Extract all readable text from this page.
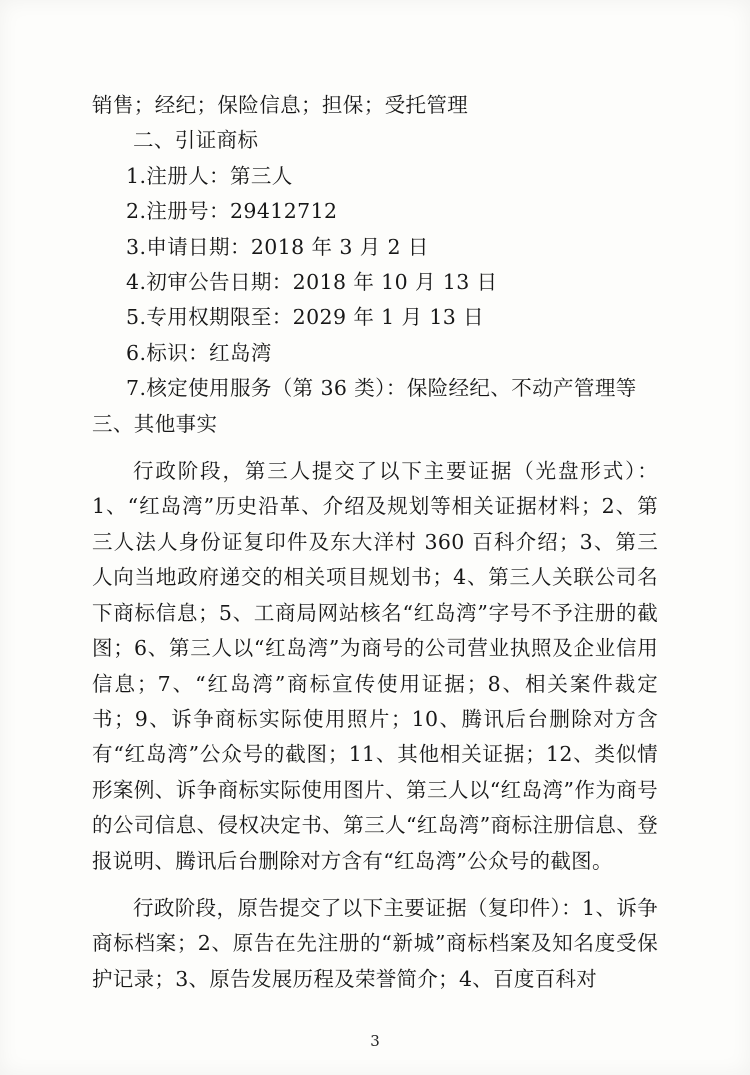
销售；经纪；保险信息；担保；受托管理
二、引证商标
1.注册人：第三人
2.注册号：29412712
3.申请日期：2018 年 3 月 2 日
4.初审公告日期：2018 年 10 月 13 日
5.专用权期限至：2029 年 1 月 13 日
6.标识：红岛湾
7.核定使用服务（第 36 类）：保险经纪、不动产管理等
三、其他事实
行政阶段，第三人提交了以下主要证据（光盘形式）：1、“红岛湾”历史沿革、介绍及规划等相关证据材料；2、第三人法人身份证复印件及东大洋村 360 百科介绍；3、第三人向当地政府递交的相关项目规划书；4、第三人关联公司名下商标信息；5、工商局网站核名“红岛湾”字号不予注册的截图；6、第三人以“红岛湾”为商号的公司营业执照及企业信用信息；7、“红岛湾”商标宣传使用证据；8、相关案件裁定书；9、诉争商标实际使用照片；10、腾讯后台删除对方含有“红岛湾”公众号的截图；11、其他相关证据；12、类似情形案例、诉争商标实际使用图片、第三人以“红岛湾”作为商号的公司信息、侵权决定书、第三人“红岛湾”商标注册信息、登报说明、腾讯后台删除对方含有“红岛湾”公众号的截图。
行政阶段，原告提交了以下主要证据（复印件）：1、诉争商标档案；2、原告在先注册的“新城”商标档案及知名度受保护记录；3、原告发展历程及荣誉简介；4、百度百科对
3
